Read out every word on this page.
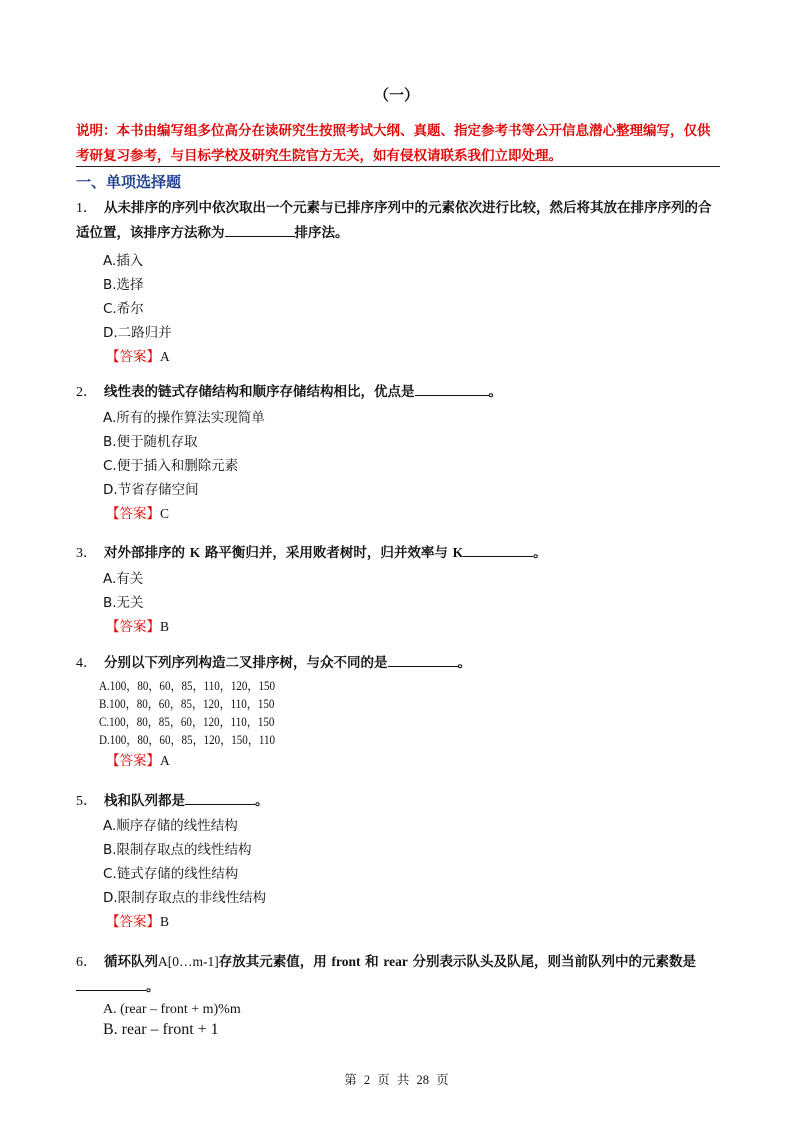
（一）
说明：本书由编写组多位高分在读研究生按照考试大纲、真题、指定参考书等公开信息潜心整理编写，仅供考研复习参考，与目标学校及研究生院官方无关，如有侵权请联系我们立即处理。
一、单项选择题
1． 从未排序的序列中依次取出一个元素与已排序序列中的元素依次进行比较，然后将其放在排序序列的合适位置，该排序方法称为	排序法。
A.插入
B.选择
C.希尔
D.二路归并
【答案】A
2． 线性表的链式存储结构和顺序存储结构相比，优点是	。
A.所有的操作算法实现简单
B.便于随机存取
C.便于插入和删除元素
D.节省存储空间
【答案】C
3． 对外部排序的 K 路平衡归并，采用败者树时，归并效率与 K	。
A.有关
B.无关
【答案】B
4． 分别以下列序列构造二叉排序树，与众不同的是	。
A.100，80，60，85，110，120，150
B.100，80，60，85，120，110，150
C.100，80，85，60，120，110，150
D.100，80，60，85，120，150，110
【答案】A
5． 栈和队列都是	。
A.顺序存储的线性结构
B.限制存取点的线性结构
C.链式存储的线性结构
D.限制存取点的非线性结构
【答案】B
6． 循环队列A[0…m-1]存放其元素值，用 front 和 rear 分别表示队头及队尾，则当前队列中的元素数是
。
A. (rear – front + m)%m
B. rear – front + 1
第 2 页 共 28 页
